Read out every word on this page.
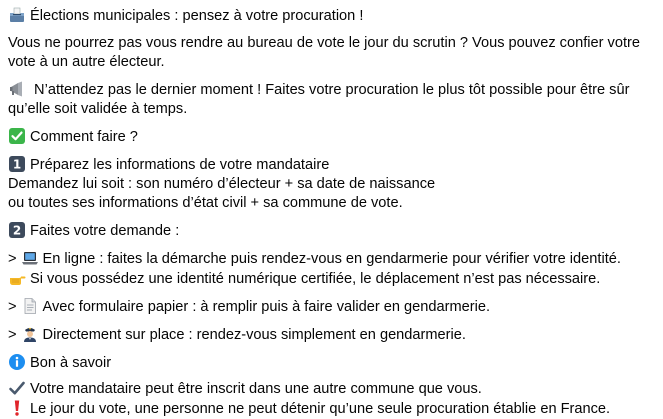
Élections municipales : pensez à votre procuration !

Vous ne pourrez pas vous rendre au bureau de vote le jour du scrutin ? Vous pouvez confier votre
vote à un autre électeur.

N’attendez pas le dernier moment ! Faites votre procuration le plus tôt possible pour être sûr
qu’elle soit validée à temps.

Comment faire ?

1 Préparez les informations de votre mandataire
Demandez lui soit : son numéro d’électeur + sa date de naissance
ou toutes ses informations d’état civil + sa commune de vote.

2 Faites votre demande :

> En ligne : faites la démarche puis rendez-vous en gendarmerie pour vérifier votre identité.
Si vous possédez une identité numérique certifiée, le déplacement n’est pas nécessaire.

> Avec formulaire papier : à remplir puis à faire valider en gendarmerie.

> Directement sur place : rendez-vous simplement en gendarmerie.

Bon à savoir

Votre mandataire peut être inscrit dans une autre commune que vous.
Le jour du vote, une personne ne peut détenir qu’une seule procuration établie en France.
